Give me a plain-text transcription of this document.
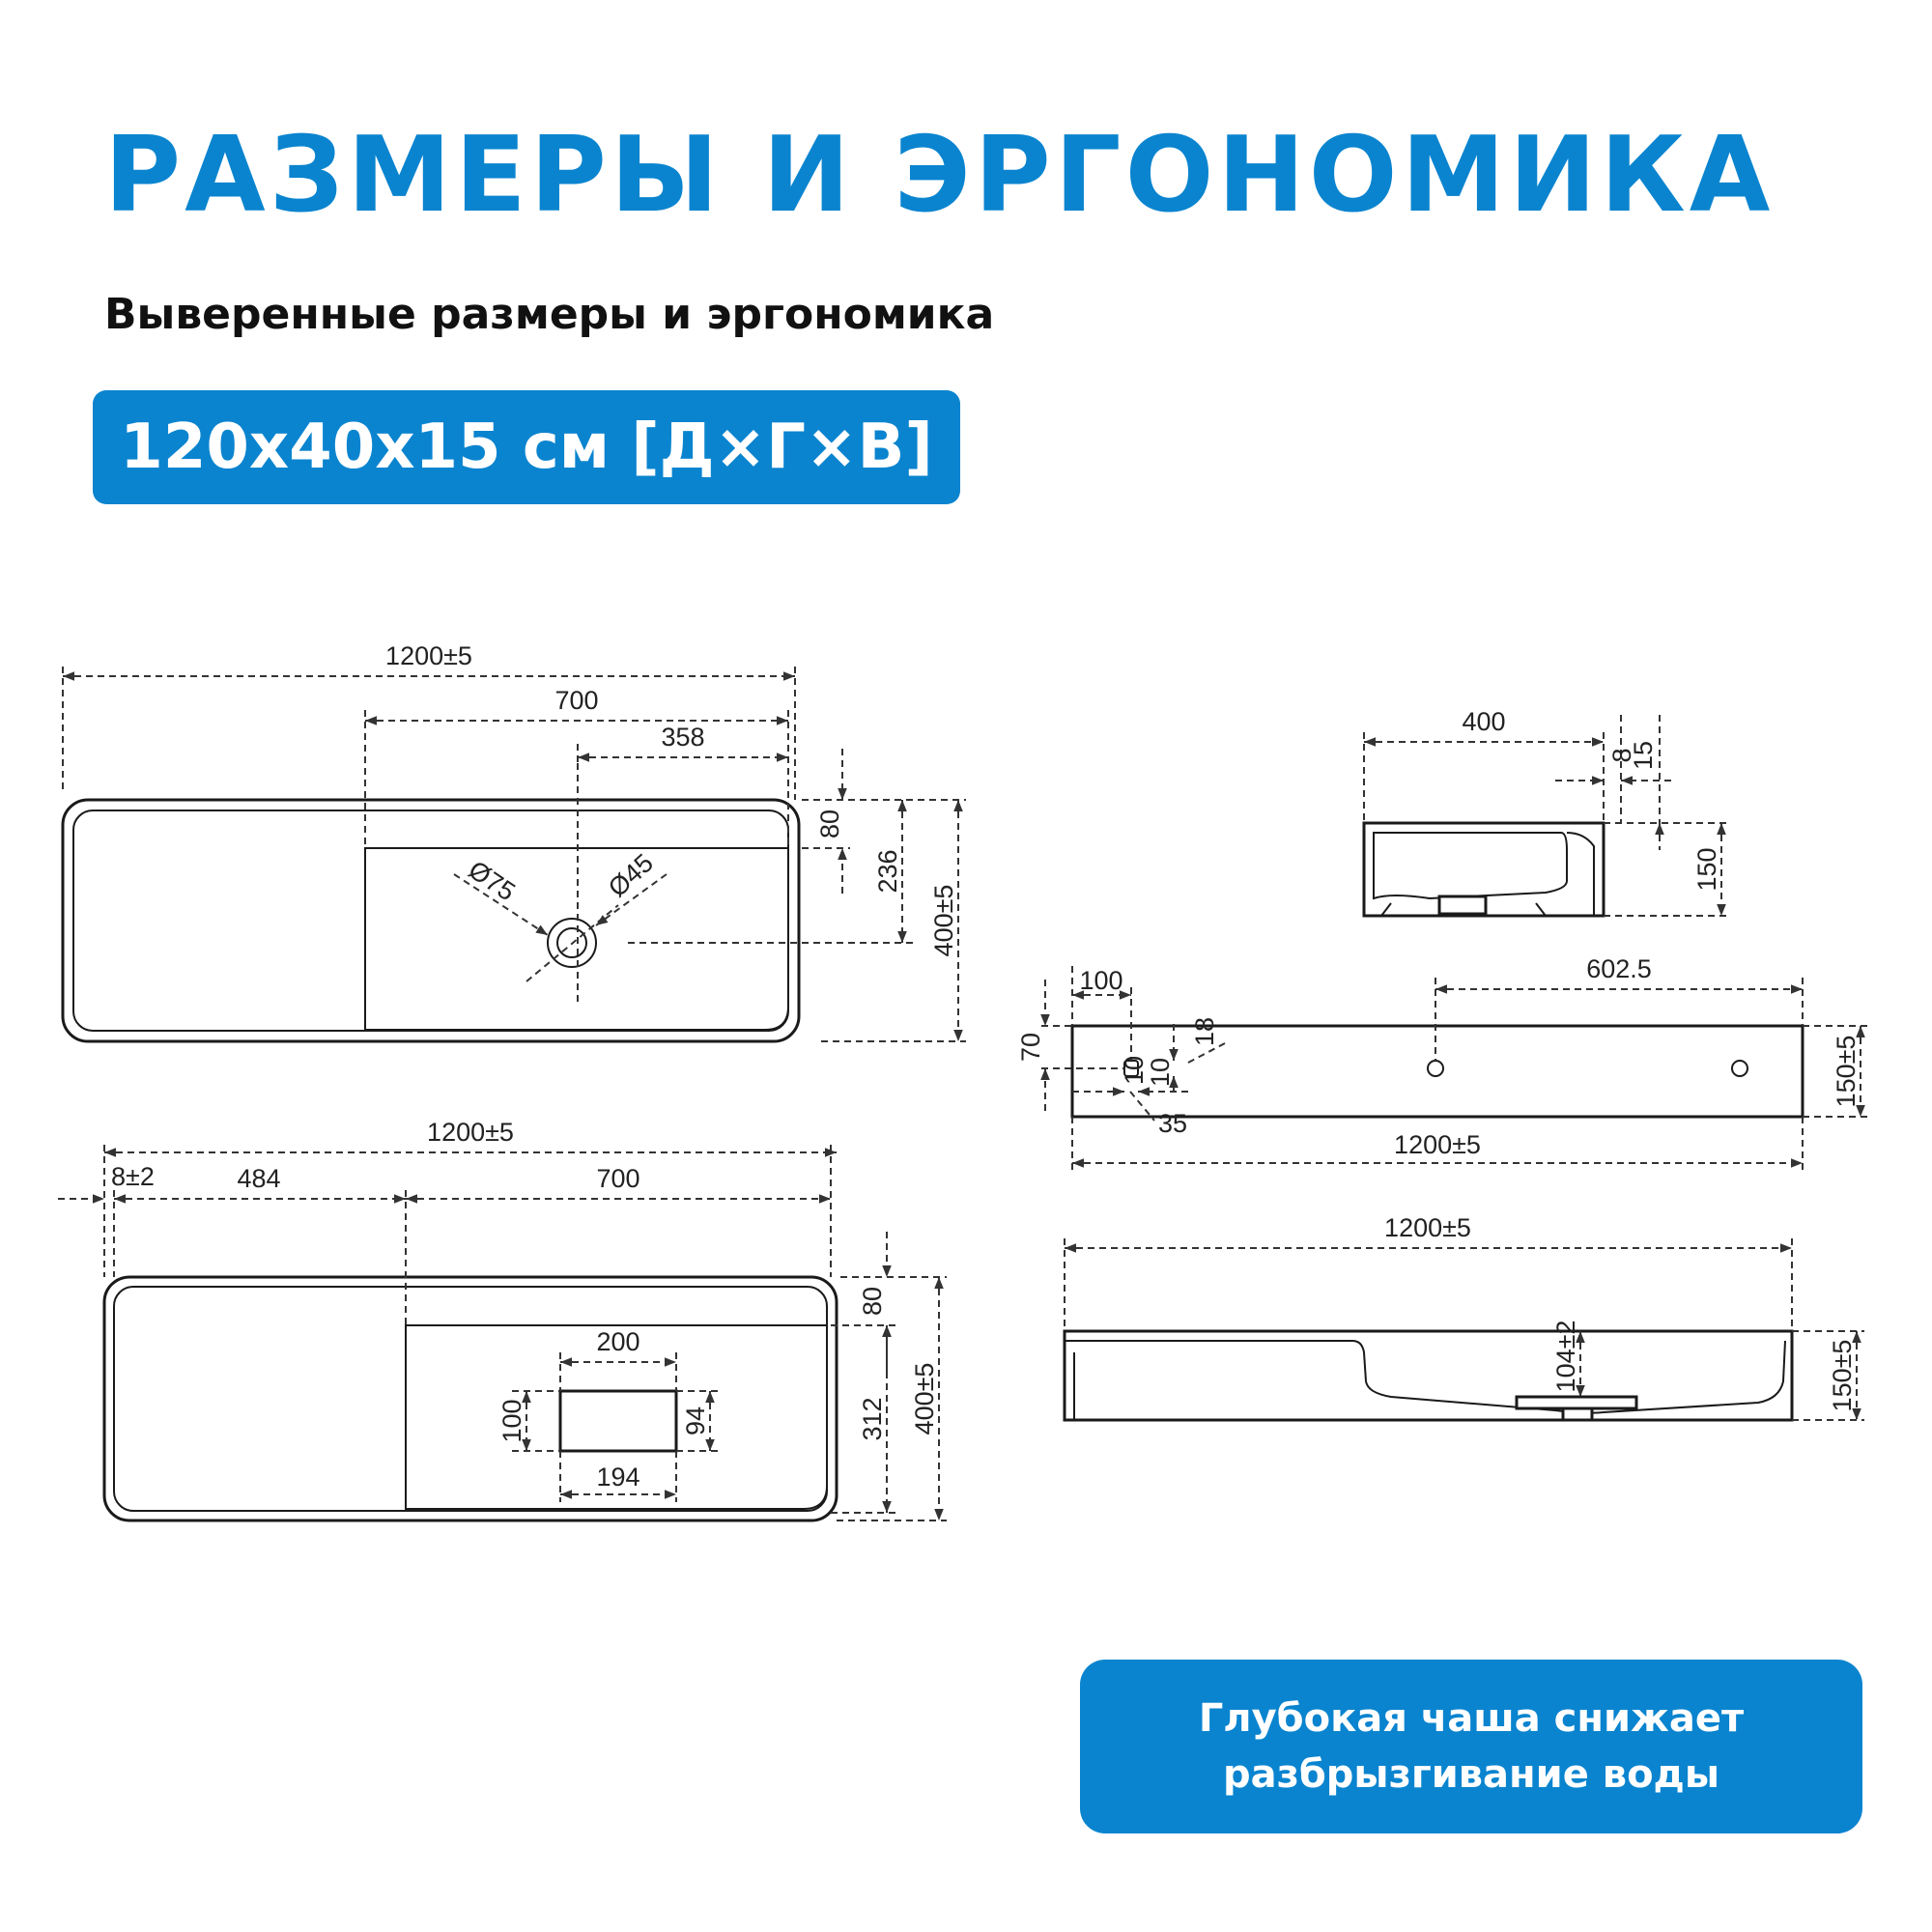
РАЗМЕРЫ И ЭРГОНОМИКА

Выверенные размеры и эргономика

120x40x15 см [Д×Г×В]
Ø75	Ø45
1200±5
700
358
80
236
400±5
1200±5
8±2	484	700
200
194
100	94
80
312 400±5
400
8
15
150
100	602.5
70
18
10
10
35
1200±5
150±5
1200±5
104±2	150±5
Глубокая чаша снижает
разбрызгивание воды
